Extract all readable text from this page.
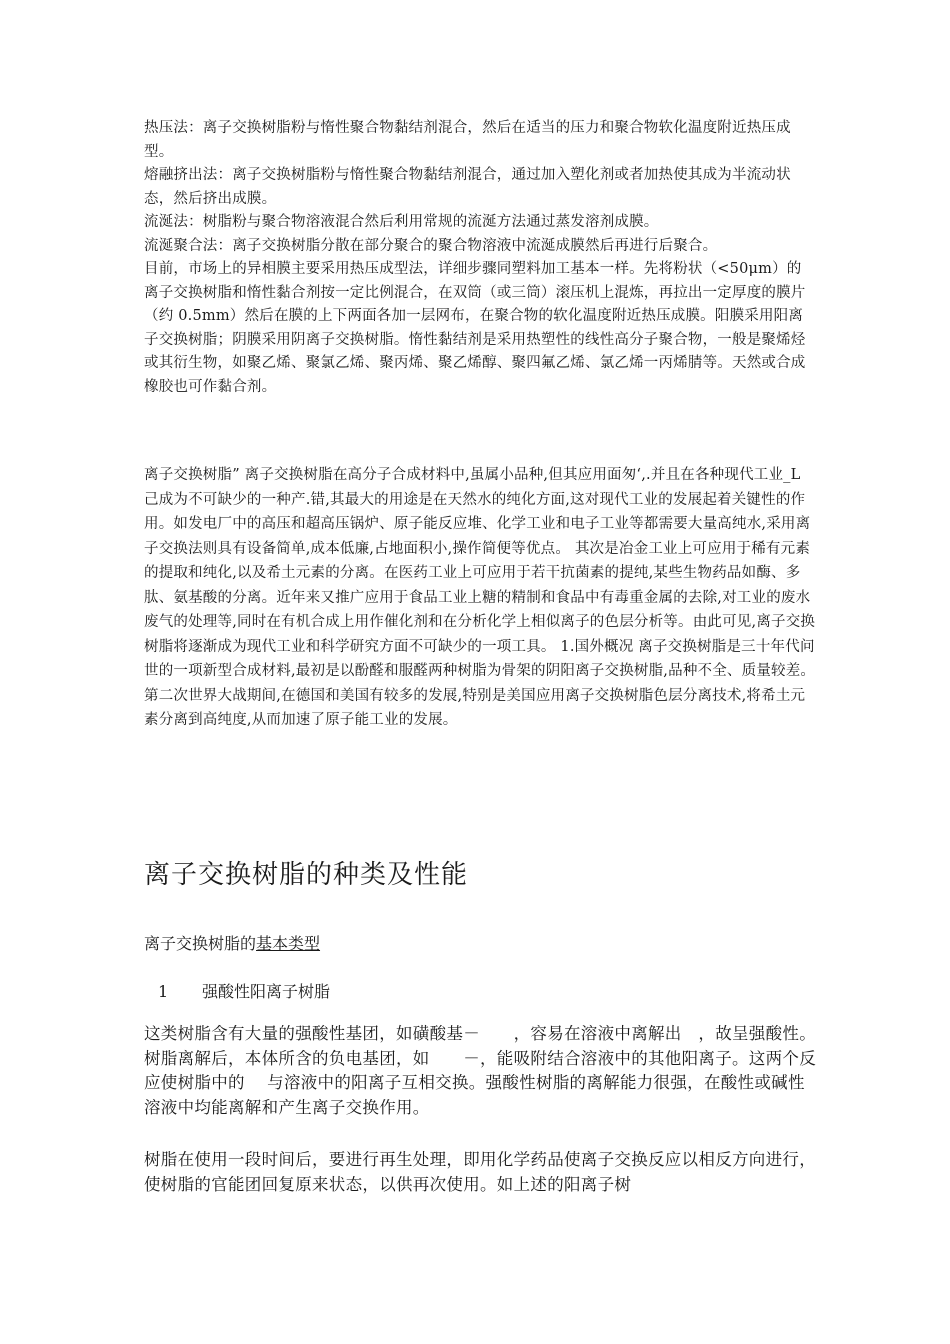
热压法：离子交换树脂粉与惰性聚合物黏结剂混合，然后在适当的压力和聚合物软化温度附近热压成型。

熔融挤出法：离子交换树脂粉与惰性聚合物黏结剂混合，通过加入塑化剂或者加热使其成为半流动状态，然后挤出成膜。

流涎法：树脂粉与聚合物溶液混合然后利用常规的流涎方法通过蒸发溶剂成膜。

流涎聚合法：离子交换树脂分散在部分聚合的聚合物溶液中流涎成膜然后再进行后聚合。

目前，市场上的异相膜主要采用热压成型法，详细步骤同塑料加工基本一样。先将粉状（<50μm）的离子交换树脂和惰性黏合剂按一定比例混合，在双筒（或三筒）滚压机上混炼，再拉出一定厚度的膜片（约 0.5mm）然后在膜的上下两面各加一层网布，在聚合物的软化温度附近热压成膜。阳膜采用阳离子交换树脂；阴膜采用阴离子交换树脂。惰性黏结剂是采用热塑性的线性高分子聚合物，一般是聚烯烃或其衍生物，如聚乙烯、聚氯乙烯、聚丙烯、聚乙烯醇、聚四氟乙烯、氯乙烯一丙烯腈等。天然或合成橡胶也可作黏合剂。

离子交换树脂” 离子交换树脂在高分子合成材料中,虽属小品种,但其应用面匆‘,.并且在各种现代工业_L 己成为不可缺少的一种产.错,其最大的用途是在天然水的纯化方面,这对现代工业的发展起着关键性的作用。如发电厂中的高压和超高压锅炉、原子能反应堆、化学工业和电子工业等都需要大量高纯水,采用离子交换法则具有设备简单,成本低廉,占地面积小,操作简便等优点。 其次是冶金工业上可应用于稀有元素的提取和纯化,以及希土元素的分离。在医药工业上可应用于若干抗菌素的提纯,某些生物药品如酶、多肽、氨基酸的分离。近年来又推广应用于食品工业上糖的精制和食品中有毒重金属的去除,对工业的废水废气的处理等,同时在有机合成上用作催化剂和在分析化学上相似离子的色层分析等。由此可见,离子交换树脂将逐渐成为现代工业和科学研究方面不可缺少的一项工具。 1.国外概况 离子交换树脂是三十年代问世的一项新型合成材料,最初是以酚醛和服醛两种树脂为骨架的阴阳离子交换树脂,品种不全、质量较差。第二次世界大战期间,在德国和美国有较多的发展,特别是美国应用离子交换树脂色层分离技术,将希土元素分离到高纯度,从而加速了原子能工业的发展。

离子交换树脂的种类及性能
离子交换树脂的基本类型
1 强酸性阳离子树脂

这类树脂含有大量的强酸性基团，如磺酸基－　　，容易在溶液中离解出　，故呈强酸性。树脂离解后，本体所含的负电基团，如　　－，能吸附结合溶液中的其他阳离子。这两个反应使树脂中的　 与溶液中的阳离子互相交换。强酸性树脂的离解能力很强，在酸性或碱性溶液中均能离解和产生离子交换作用。

树脂在使用一段时间后，要进行再生处理，即用化学药品使离子交换反应以相反方向进行，使树脂的官能团回复原来状态，以供再次使用。如上述的阳离子树
